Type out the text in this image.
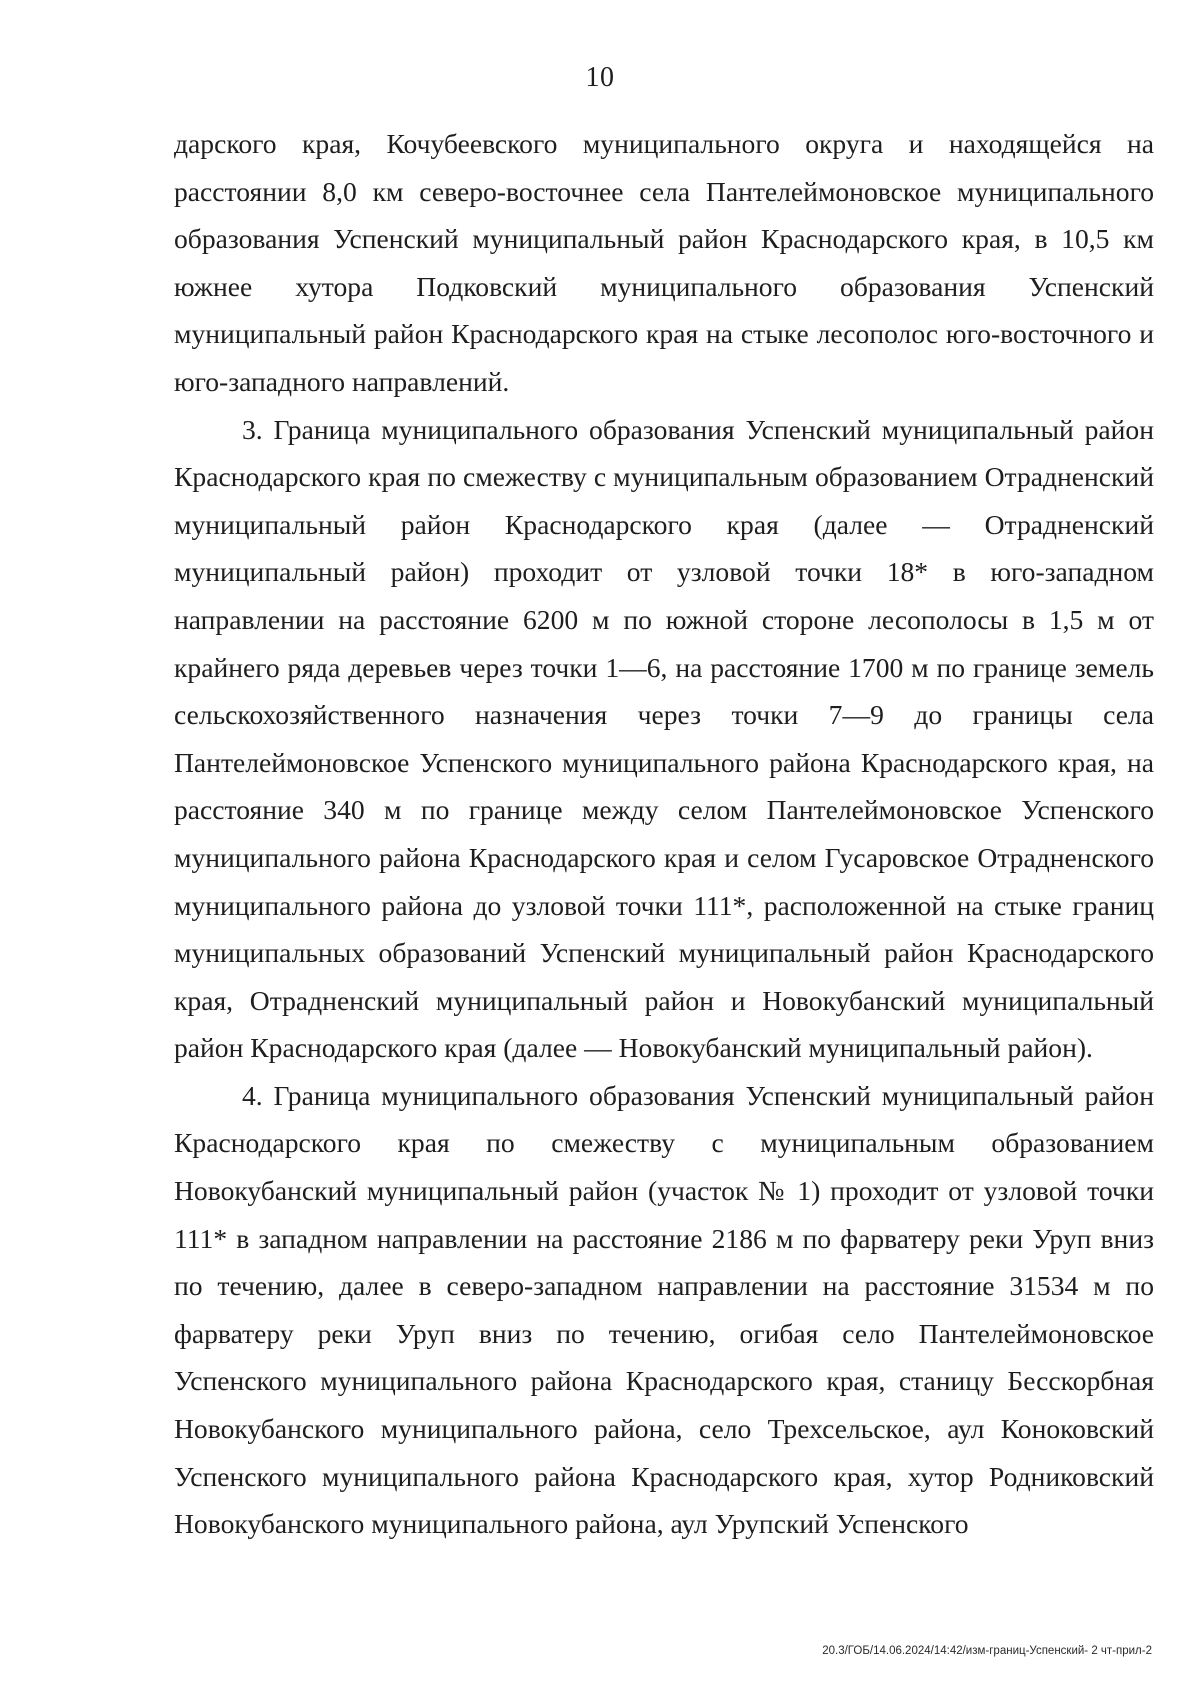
10

дарского края, Кочубеевского муниципального округа и находящейся на расстоянии 8,0 км северо-восточнее села Пантелеймоновское муниципального образования Успенский муниципальный район Краснодарского края, в 10,5 км южнее хутора Подковский муниципального образования Успенский муниципальный район Краснодарского края на стыке лесополос юго-восточного и юго-западного направлений.

3. Граница муниципального образования Успенский муниципальный район Краснодарского края по смежеству с муниципальным образованием Отрадненский муниципальный район Краснодарского края (далее — Отрадненский муниципальный район) проходит от узловой точки 18* в юго-западном направлении на расстояние 6200 м по южной стороне лесополосы в 1,5 м от крайнего ряда деревьев через точки 1—6, на расстояние 1700 м по границе земель сельскохозяйственного назначения через точки 7—9 до границы села Пантелеймоновское Успенского муниципального района Краснодарского края, на расстояние 340 м по границе между селом Пантелеймоновское Успенского муниципального района Краснодарского края и селом Гусаровское Отрадненского муниципального района до узловой точки 111*, расположенной на стыке границ муниципальных образований Успенский муниципальный район Краснодарского края, Отрадненский муниципальный район и Новокубанский муниципальный район Краснодарского края (далее — Новокубанский муниципальный район).

4. Граница муниципального образования Успенский муниципальный район Краснодарского края по смежеству с муниципальным образованием Новокубанский муниципальный район (участок № 1) проходит от узловой точки 111* в западном направлении на расстояние 2186 м по фарватеру реки Уруп вниз по течению, далее в северо-западном направлении на расстояние 31534 м по фарватеру реки Уруп вниз по течению, огибая село Пантелеймоновское Успенского муниципального района Краснодарского края, станицу Бесскорбная Новокубанского муниципального района, село Трехсельское, аул Коноковский Успенского муниципального района Краснодарского края, хутор Родниковский Новокубанского муниципального района, аул Урупский Успенского

20.3/ГОБ/14.06.2024/14:42/изм-границ-Успенский- 2 чт-прил-2
